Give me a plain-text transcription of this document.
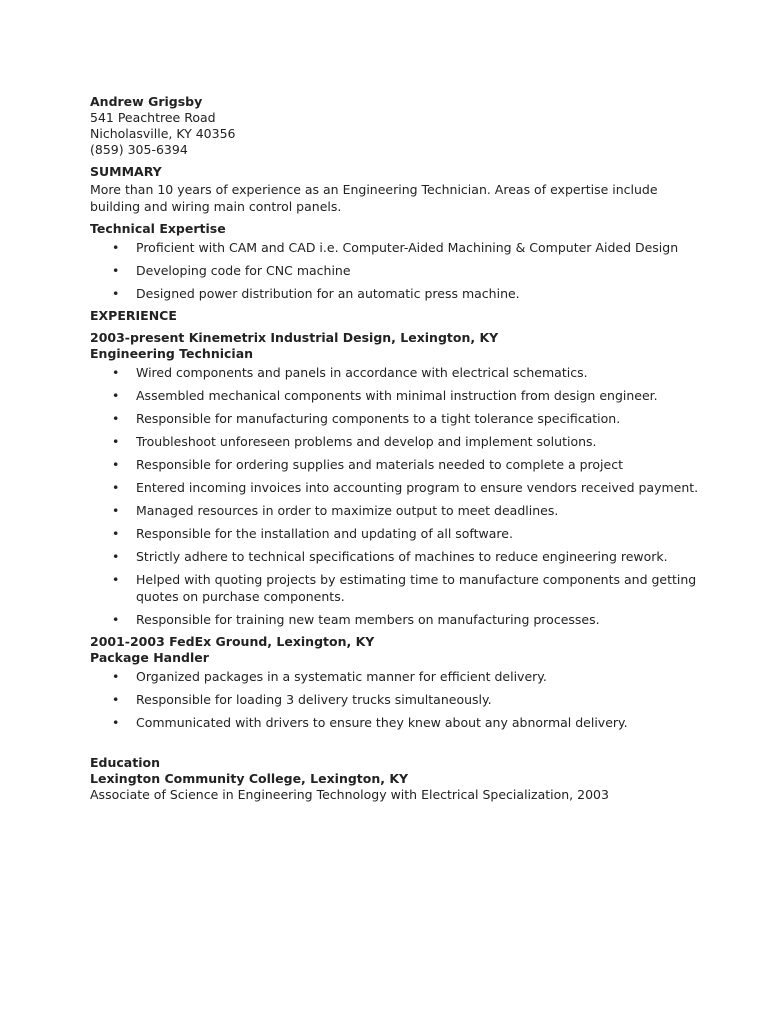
Andrew Grigsby
541 Peachtree Road
Nicholasville, KY 40356
(859) 305-6394
SUMMARY

More than 10 years of experience as an Engineering Technician. Areas of expertise include building and wiring main control panels.

Technical Expertise
• Proficient with CAM and CAD i.e. Computer-Aided Machining & Computer Aided Design
• Developing code for CNC machine
• Designed power distribution for an automatic press machine.
EXPERIENCE
2003-present Kinemetrix Industrial Design, Lexington, KY
Engineering Technician
• Wired components and panels in accordance with electrical schematics.
• Assembled mechanical components with minimal instruction from design engineer.
• Responsible for manufacturing components to a tight tolerance specification.
• Troubleshoot unforeseen problems and develop and implement solutions.
• Responsible for ordering supplies and materials needed to complete a project
• Entered incoming invoices into accounting program to ensure vendors received payment.
• Managed resources in order to maximize output to meet deadlines.
• Responsible for the installation and updating of all software.
• Strictly adhere to technical specifications of machines to reduce engineering rework.
• Helped with quoting projects by estimating time to manufacture components and getting quotes on purchase components.
• Responsible for training new team members on manufacturing processes.
2001-2003 FedEx Ground, Lexington, KY
Package Handler
• Organized packages in a systematic manner for efficient delivery.
• Responsible for loading 3 delivery trucks simultaneously.
• Communicated with drivers to ensure they knew about any abnormal delivery.
Education
Lexington Community College, Lexington, KY
Associate of Science in Engineering Technology with Electrical Specialization, 2003
